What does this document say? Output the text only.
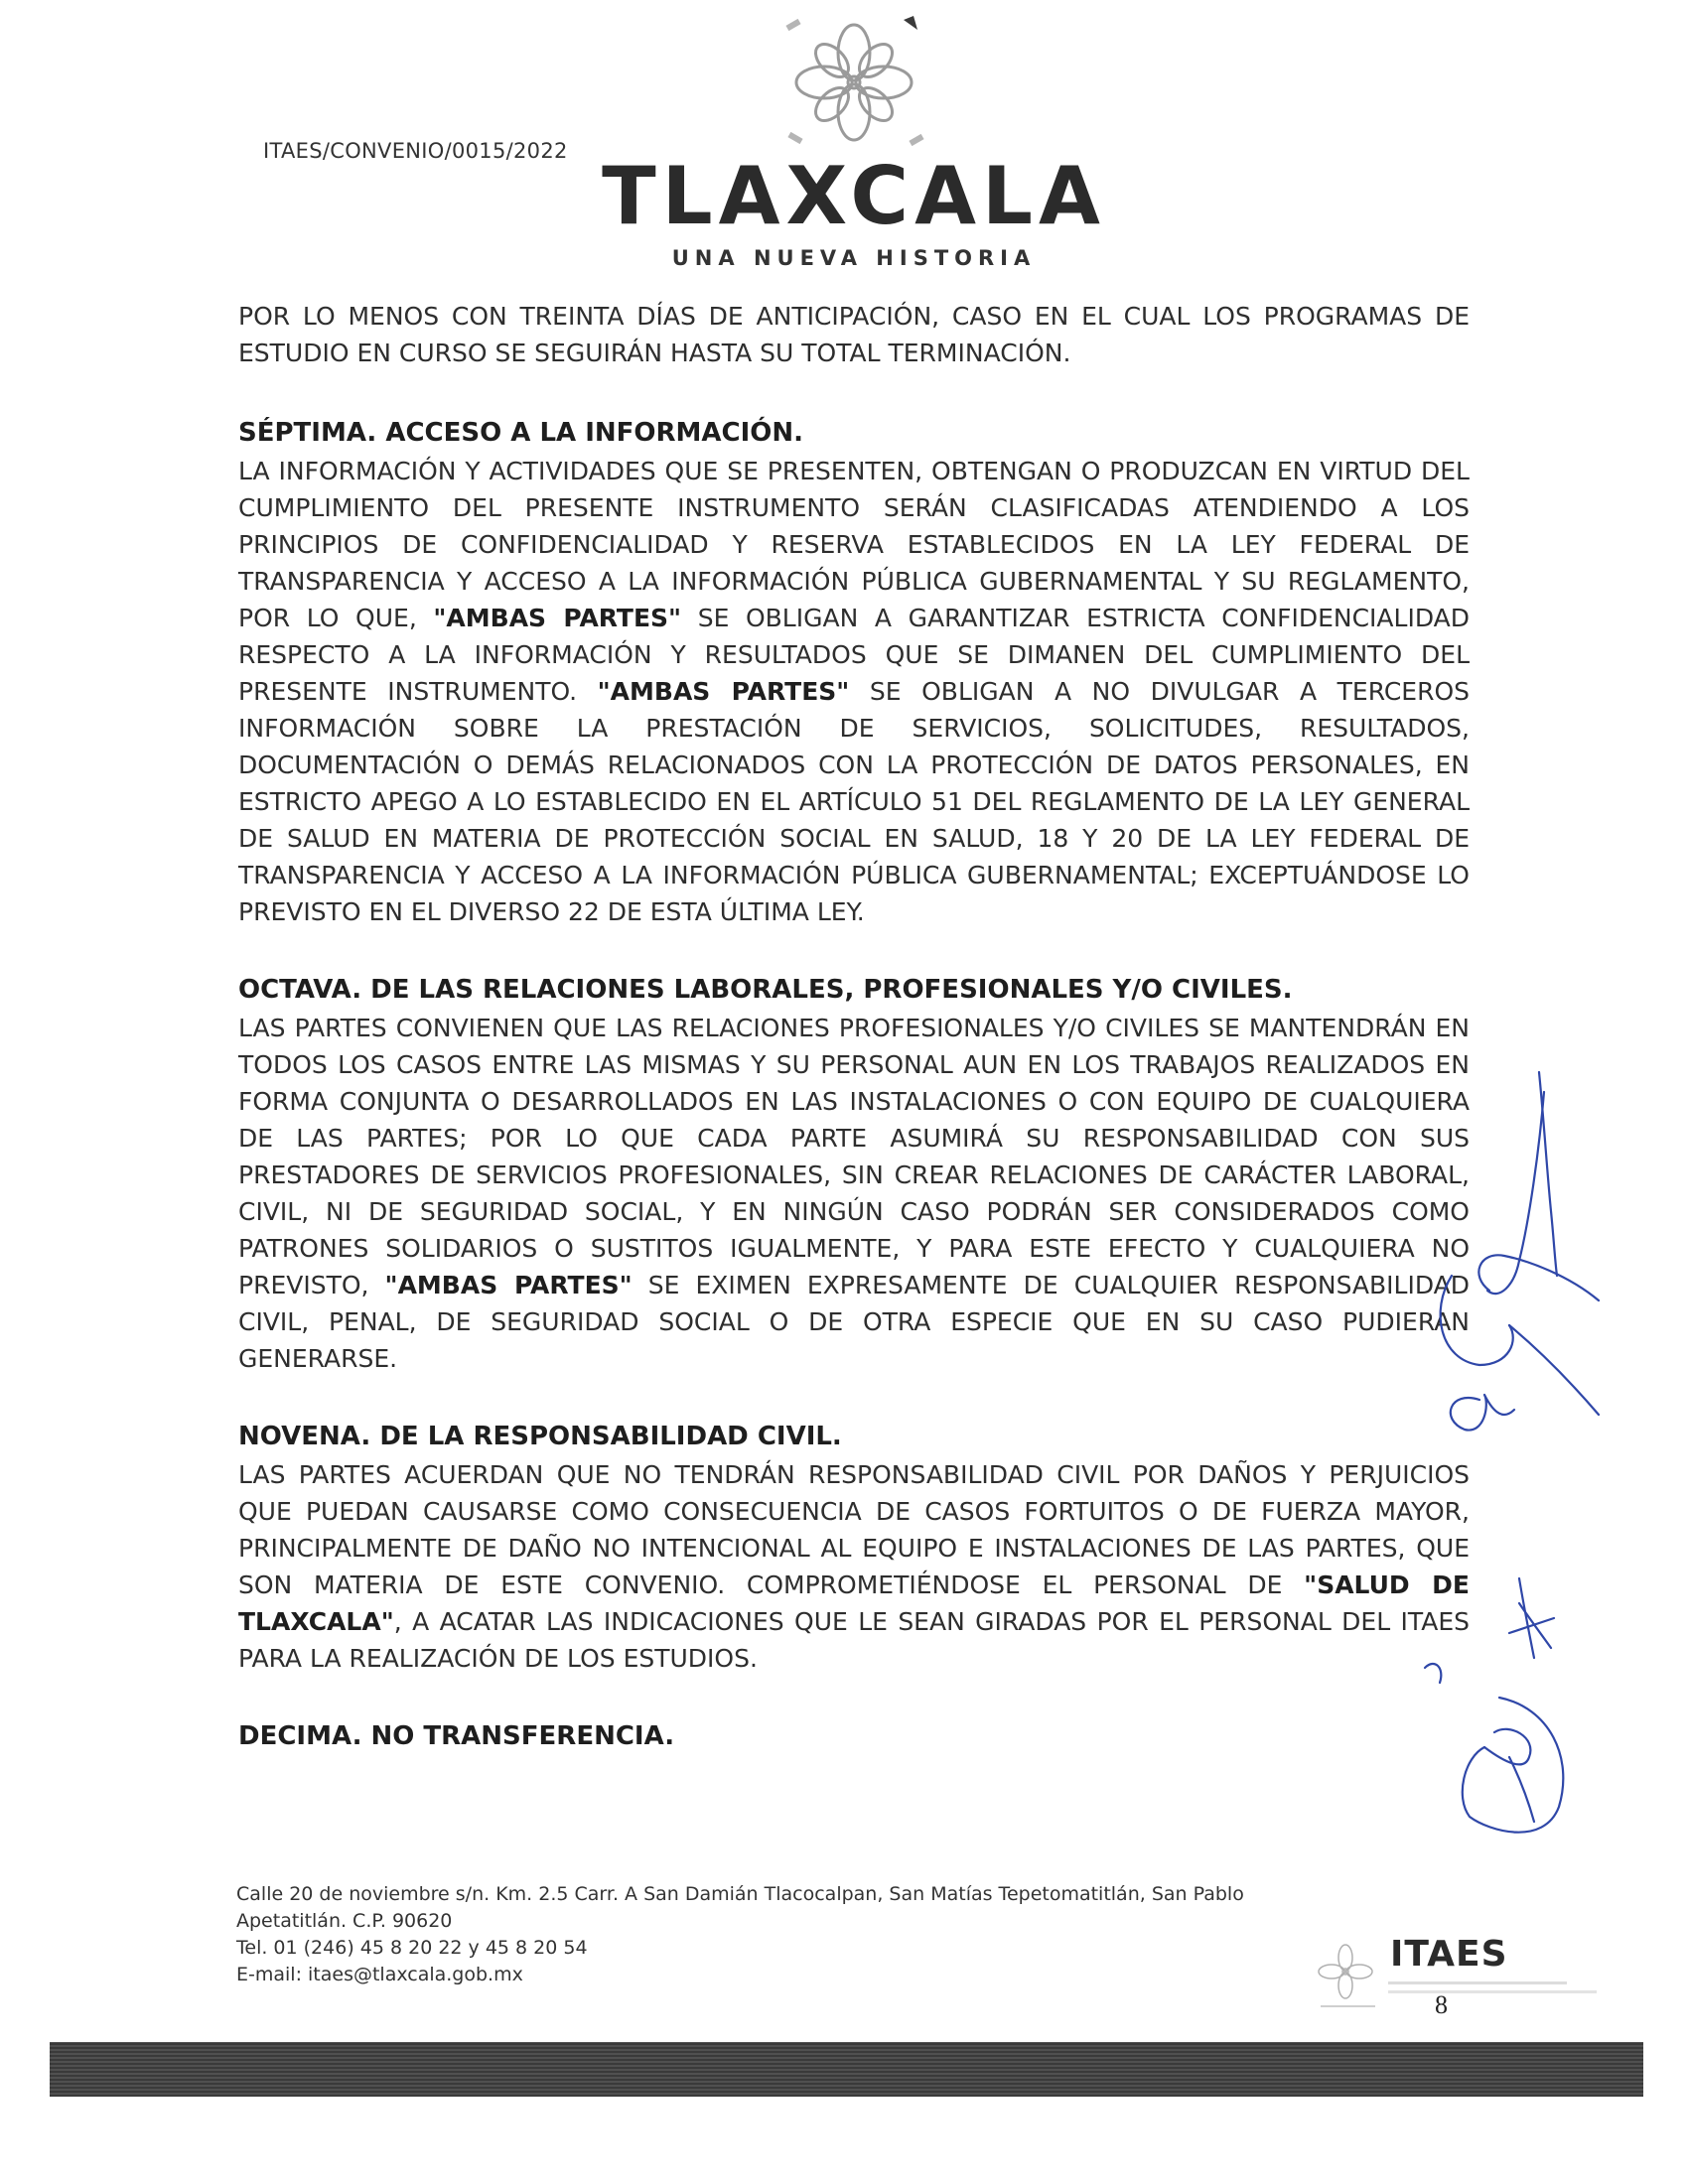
ITAES/CONVENIO/0015/2022 TLAXCALA
UNA NUEVA HISTORIA

POR LO MENOS CON TREINTA DÍAS DE ANTICIPACIÓN, CASO EN EL CUAL LOS PROGRAMAS DE ESTUDIO EN CURSO SE SEGUIRÁN HASTA SU TOTAL TERMINACIÓN.

SÉPTIMA. ACCESO A LA INFORMACIÓN.

LA INFORMACIÓN Y ACTIVIDADES QUE SE PRESENTEN, OBTENGAN O PRODUZCAN EN VIRTUD DEL CUMPLIMIENTO DEL PRESENTE INSTRUMENTO SERÁN CLASIFICADAS ATENDIENDO A LOS PRINCIPIOS DE CONFIDENCIALIDAD Y RESERVA ESTABLECIDOS EN LA LEY FEDERAL DE TRANSPARENCIA Y ACCESO A LA INFORMACIÓN PÚBLICA GUBERNAMENTAL Y SU REGLAMENTO, POR LO QUE, "AMBAS PARTES" SE OBLIGAN A GARANTIZAR ESTRICTA CONFIDENCIALIDAD RESPECTO A LA INFORMACIÓN Y RESULTADOS QUE SE DIMANEN DEL CUMPLIMIENTO DEL PRESENTE INSTRUMENTO. "AMBAS PARTES" SE OBLIGAN A NO DIVULGAR A TERCEROS INFORMACIÓN SOBRE LA PRESTACIÓN DE SERVICIOS, SOLICITUDES, RESULTADOS, DOCUMENTACIÓN O DEMÁS RELACIONADOS CON LA PROTECCIÓN DE DATOS PERSONALES, EN ESTRICTO APEGO A LO ESTABLECIDO EN EL ARTÍCULO 51 DEL REGLAMENTO DE LA LEY GENERAL DE SALUD EN MATERIA DE PROTECCIÓN SOCIAL EN SALUD, 18 Y 20 DE LA LEY FEDERAL DE TRANSPARENCIA Y ACCESO A LA INFORMACIÓN PÚBLICA GUBERNAMENTAL; EXCEPTUÁNDOSE LO PREVISTO EN EL DIVERSO 22 DE ESTA ÚLTIMA LEY.

OCTAVA. DE LAS RELACIONES LABORALES, PROFESIONALES Y/O CIVILES.

LAS PARTES CONVIENEN QUE LAS RELACIONES PROFESIONALES Y/O CIVILES SE MANTENDRÁN EN TODOS LOS CASOS ENTRE LAS MISMAS Y SU PERSONAL AUN EN LOS TRABAJOS REALIZADOS EN FORMA CONJUNTA O DESARROLLADOS EN LAS INSTALACIONES O CON EQUIPO DE CUALQUIERA DE LAS PARTES; POR LO QUE CADA PARTE ASUMIRÁ SU RESPONSABILIDAD CON SUS PRESTADORES DE SERVICIOS PROFESIONALES, SIN CREAR RELACIONES DE CARÁCTER LABORAL, CIVIL, NI DE SEGURIDAD SOCIAL, Y EN NINGÚN CASO PODRÁN SER CONSIDERADOS COMO PATRONES SOLIDARIOS O SUSTITOS IGUALMENTE, Y PARA ESTE EFECTO Y CUALQUIERA NO PREVISTO, "AMBAS PARTES" SE EXIMEN EXPRESAMENTE DE CUALQUIER RESPONSABILIDAD CIVIL, PENAL, DE SEGURIDAD SOCIAL O DE OTRA ESPECIE QUE EN SU CASO PUDIERAN GENERARSE.

NOVENA. DE LA RESPONSABILIDAD CIVIL.

LAS PARTES ACUERDAN QUE NO TENDRÁN RESPONSABILIDAD CIVIL POR DAÑOS Y PERJUICIOS QUE PUEDAN CAUSARSE COMO CONSECUENCIA DE CASOS FORTUITOS O DE FUERZA MAYOR, PRINCIPALMENTE DE DAÑO NO INTENCIONAL AL EQUIPO E INSTALACIONES DE LAS PARTES, QUE SON MATERIA DE ESTE CONVENIO. COMPROMETIÉNDOSE EL PERSONAL DE "SALUD DE TLAXCALA", A ACATAR LAS INDICACIONES QUE LE SEAN GIRADAS POR EL PERSONAL DEL ITAES PARA LA REALIZACIÓN DE LOS ESTUDIOS.

DECIMA. NO TRANSFERENCIA.
Calle 20 de noviembre s/n. Km. 2.5 Carr. A San Damián Tlacocalpan, San Matías Tepetomatitlán, San Pablo
Apetatitlán. C.P. 90620
Tel. 01 (246) 45 8 20 22 y 45 8 20 54
E-mail: itaes@tlaxcala.gob.mx	ITAES
8
